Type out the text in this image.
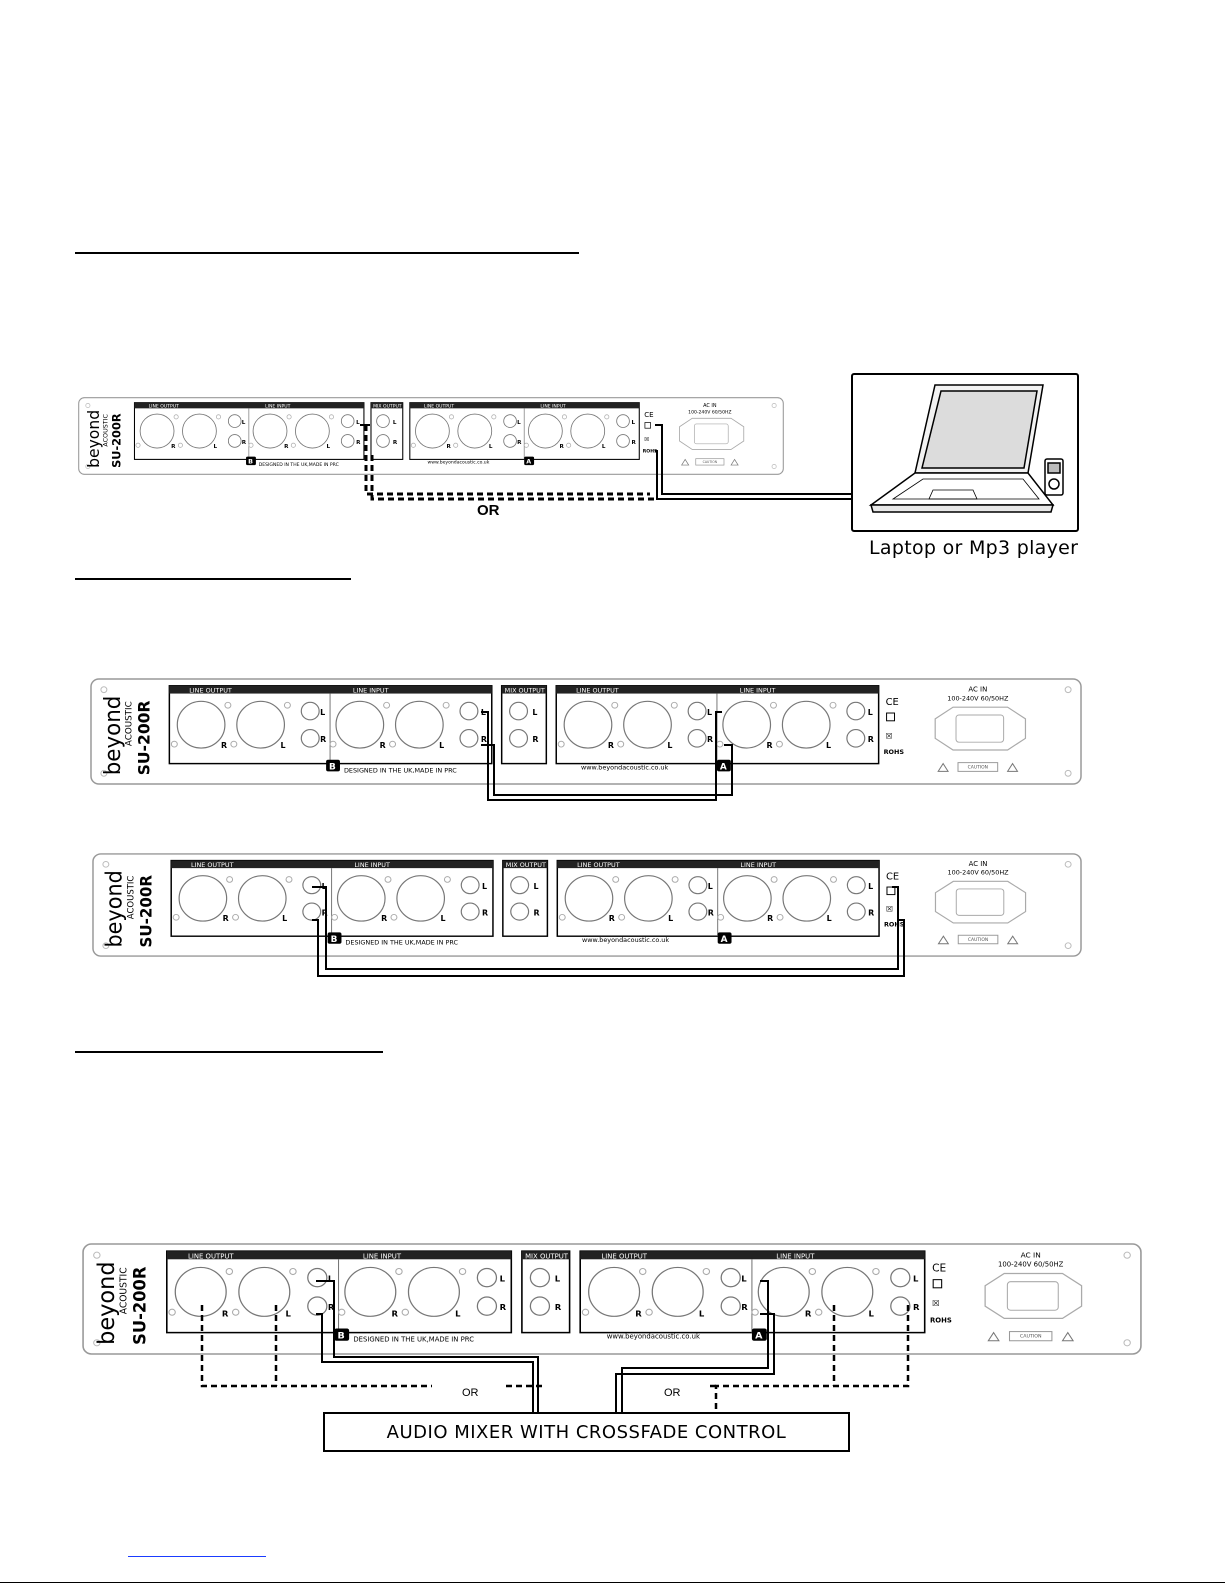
beyond ACOUSTIC SU-200R
LINE OUTPUT	LINE INPUT
R	L
L
R
R	L
L
R
B DESIGNED IN THE UK,MADE IN PRC
MIX OUTPUT
L
R
LINE OUTPUT	LINE INPUT
R	L
L
R
R	L
L
R
A
www.beyondacoustic.co.uk
CE
☒
ROHS
AC IN
100-240V 60/50HZ
CAUTION
OR
Laptop or Mp3 player
beyond
ACOUSTIC SU-200R
LINE OUTPUT	LINE INPUT
R	L
L
R
R	L
L
R
B DESIGNED IN THE UK,MADE IN PRC
MIX OUTPUT
L
R
LINE OUTPUT	LINE INPUT
R	L
L
R
R	L
L
R
A
www.beyondacoustic.co.uk
CE
☒
ROHS
AC IN
100-240V 60/50HZ
CAUTION
beyond
ACOUSTIC SU-200R
LINE OUTPUT	LINE INPUT
R	L
L
R
R	L
L
R
B DESIGNED IN THE UK,MADE IN PRC
MIX OUTPUT
L
R
LINE OUTPUT	LINE INPUT
R	L
L
R
R	L
L
R
A
www.beyondacoustic.co.uk
CE
☒
ROHS
AC IN
100-240V 60/50HZ
CAUTION
beyond
ACOUSTIC SU-200R
LINE OUTPUT	LINE INPUT
R	L
L
R
R	L
L
R
B DESIGNED IN THE UK,MADE IN PRC
MIX OUTPUT
L
R
LINE OUTPUT	LINE INPUT
R	L
L
R
R	L
L
R
A
www.beyondacoustic.co.uk
CE
☒
ROHS
AC IN
100-240V 60/50HZ
CAUTION
OR	OR
AUDIO MIXER WITH CROSSFADE CONTROL
